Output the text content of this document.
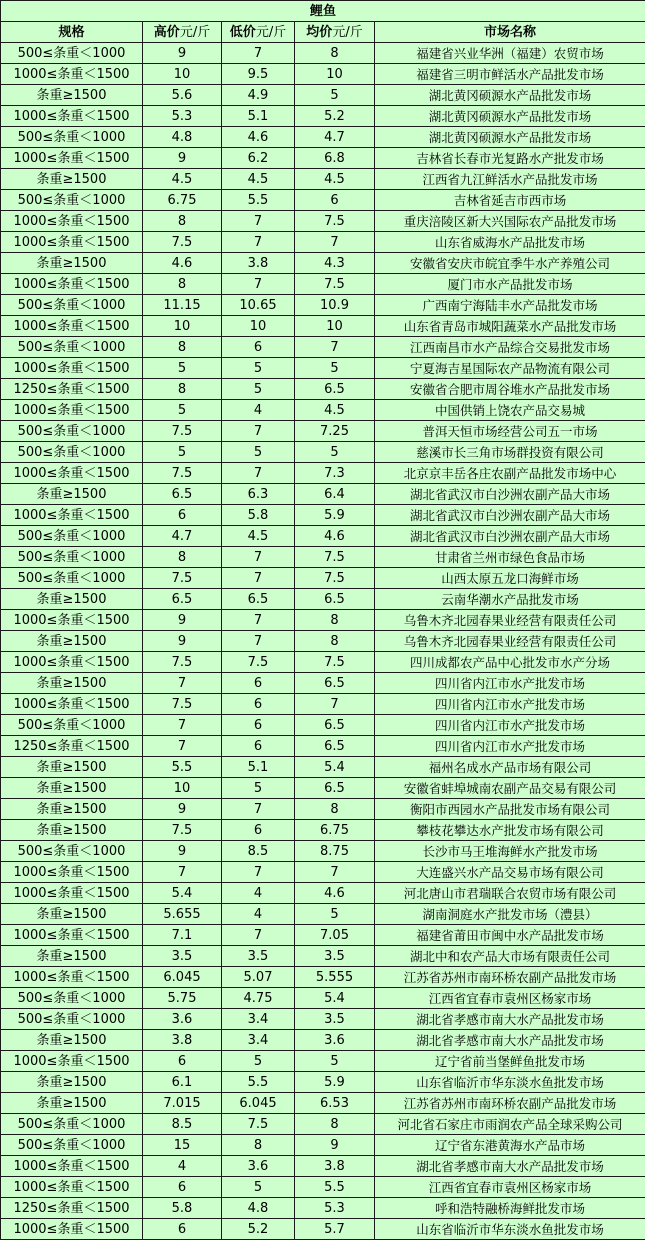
鲤鱼				
规格	高价元/斤	低价元/斤	均价元/斤	市场名称
500≤条重＜1000	9	7	8	福建省兴业华洲（福建）农贸市场
1000≤条重＜1500	10	9.5	10	福建省三明市鲜活水产品批发市场
条重≥1500	5.6	4.9	5	湖北黄冈硕源水产品批发市场
1000≤条重＜1500	5.3	5.1	5.2	湖北黄冈硕源水产品批发市场
500≤条重＜1000	4.8	4.6	4.7	湖北黄冈硕源水产品批发市场
1000≤条重＜1500	9	6.2	6.8	吉林省长春市光复路水产批发市场
条重≥1500	4.5	4.5	4.5	江西省九江鲜活水产品批发市场
500≤条重＜1000	6.75	5.5	6	吉林省延吉市西市场
1000≤条重＜1500	8	7	7.5	重庆涪陵区新大兴国际农产品批发市场
1000≤条重＜1500	7.5	7	7	山东省威海水产品批发市场
条重≥1500	4.6	3.8	4.3	安徽省安庆市皖宜季牛水产养殖公司
1000≤条重＜1500	8	7	7.5	厦门市水产品批发市场
500≤条重＜1000	11.15	10.65	10.9	广西南宁海陆丰水产品批发市场
1000≤条重＜1500	10	10	10	山东省青岛市城阳蔬菜水产品批发市场
500≤条重＜1000	8	6	7	江西南昌市水产品综合交易批发市场
1000≤条重＜1500	5	5	5	宁夏海吉星国际农产品物流有限公司
1250≤条重＜1500	8	5	6.5	安徽省合肥市周谷堆水产品批发市场
1000≤条重＜1500	5	4	4.5	中国供销上饶农产品交易城
500≤条重＜1000	7.5	7	7.25	普洱天恒市场经营公司五一市场
500≤条重＜1000	5	5	5	慈溪市长三角市场群投资有限公司
1000≤条重＜1500	7.5	7	7.3	北京京丰岳各庄农副产品批发市场中心
条重≥1500	6.5	6.3	6.4	湖北省武汉市白沙洲农副产品大市场
1000≤条重＜1500	6	5.8	5.9	湖北省武汉市白沙洲农副产品大市场
500≤条重＜1000	4.7	4.5	4.6	湖北省武汉市白沙洲农副产品大市场
500≤条重＜1000	8	7	7.5	甘肃省兰州市绿色食品市场
500≤条重＜1000	7.5	7	7.5	山西太原五龙口海鲜市场
条重≥1500	6.5	6.5	6.5	云南华潮水产品批发市场
1000≤条重＜1500	9	7	8	乌鲁木齐北园春果业经营有限责任公司
条重≥1500	9	7	8	乌鲁木齐北园春果业经营有限责任公司
1000≤条重＜1500	7.5	7.5	7.5	四川成都农产品中心批发市水产分场
条重≥1500	7	6	6.5	四川省内江市水产批发市场
1000≤条重＜1500	7.5	6	7	四川省内江市水产批发市场
500≤条重＜1000	7	6	6.5	四川省内江市水产批发市场
1250≤条重＜1500	7	6	6.5	四川省内江市水产批发市场
条重≥1500	5.5	5.1	5.4	福州名成水产品市场有限公司
条重≥1500	10	5	6.5	安徽省蚌埠城南农副产品交易有限公司
条重≥1500	9	7	8	衡阳市西园水产品批发市场有限公司
条重≥1500	7.5	6	6.75	攀枝花攀达水产批发市场有限公司
500≤条重＜1000	9	8.5	8.75	长沙市马王堆海鲜水产批发市场
1000≤条重＜1500	7	7	7	大连盛兴水产品交易市场有限公司
1000≤条重＜1500	5.4	4	4.6	河北唐山市君瑞联合农贸市场有限公司
条重≥1500	5.655	4	5	湖南洞庭水产批发市场（澧县）
1000≤条重＜1500	7.1	7	7.05	福建省莆田市闽中水产品批发市场
条重≥1500	3.5	3.5	3.5	湖北中和农产品大市场有限责任公司
1000≤条重＜1500	6.045	5.07	5.555	江苏省苏州市南环桥农副产品批发市场
500≤条重＜1000	5.75	4.75	5.4	江西省宜春市袁州区杨家市场
500≤条重＜1000	3.6	3.4	3.5	湖北省孝感市南大水产品批发市场
条重≥1500	3.8	3.4	3.6	湖北省孝感市南大水产品批发市场
1000≤条重＜1500	6	5	5	辽宁省前当堡鲜鱼批发市场
条重≥1500	6.1	5.5	5.9	山东省临沂市华东淡水鱼批发市场
条重≥1500	7.015	6.045	6.53	江苏省苏州市南环桥农副产品批发市场
500≤条重＜1000	8.5	7.5	8	河北省石家庄市雨润农产品全球采购公司
500≤条重＜1000	15	8	9	辽宁省东港黄海水产品市场
1000≤条重＜1500	4	3.6	3.8	湖北省孝感市南大水产品批发市场
1000≤条重＜1500	6	5	5.5	江西省宜春市袁州区杨家市场
1250≤条重＜1500	5.8	4.8	5.3	呼和浩特融桥海鲜批发市场
1000≤条重＜1500	6	5.2	5.7	山东省临沂市华东淡水鱼批发市场
